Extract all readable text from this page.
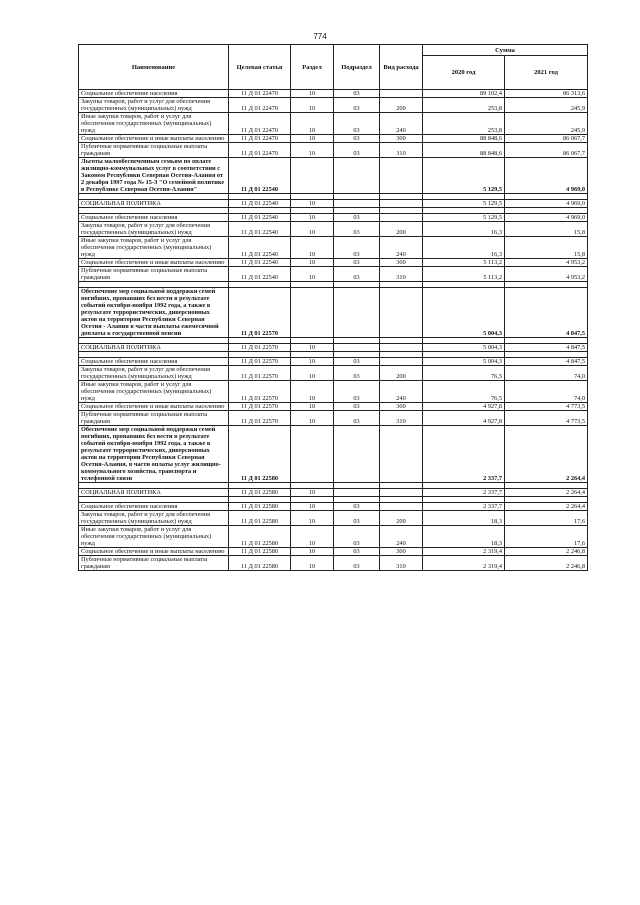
774
Наименование	Целевая статья	Раздел	Подраздел	Вид расхода	Сумма	
					2020 год	2021 год
Социальное обеспечение населения	11 Д 01 22470	10	03		89 102,4	86 313,6
Закупка товаров, работ и услуг для обеспечения государственных (муниципальных) нужд	11 Д 01 22470	10	03	200	253,8	245,9
Иные закупки товаров, работ и услуг для обеспечения государственных (муниципальных) нужд	11 Д 01 22470	10	03	240	253,8	245,9
Социальное обеспечение и иные выплаты населению	11 Д 01 22470	10	03	300	88 848,6	86 067,7
Публичные нормативные социальные выплаты гражданам	11 Д 01 22470	10	03	310	88 848,6	86 067,7
Льготы малообеспеченным семьям по оплате жилищно-коммунальных услуг в соответствии с Законом Республики Северная Осетия-Алания от 2 декабря 1997 года № 15-З "О семейной политике в Республике Северная Осетия-Алания"	11 Д 01 22540				5 129,5	4 969,0

СОЦИАЛЬНАЯ ПОЛИТИКА	11 Д 01 22540	10			5 129,5	4 969,0

Социальное обеспечение населения	11 Д 01 22540	10	03		5 129,5	4 969,0
Закупка товаров, работ и услуг для обеспечения государственных (муниципальных) нужд	11 Д 01 22540	10	03	200	16,3	15,8
Иные закупки товаров, работ и услуг для обеспечения государственных (муниципальных) нужд	11 Д 01 22540	10	03	240	16,3	15,8
Социальное обеспечение и иные выплаты населению	11 Д 01 22540	10	03	300	5 113,2	4 953,2
Публичные нормативные социальные выплаты гражданам	11 Д 01 22540	10	03	310	5 113,2	4 953,2

Обеспечение мер социальной поддержки семей погибших, пропавших без вести в результате событий октября-ноября 1992 года, а также в результате террористических, диверсионных актов на территории Республики Северная Осетия - Алания в части выплаты ежемесячной доплаты к государственной пенсии	11 Д 01 22570				5 004,3	4 847,5

СОЦИАЛЬНАЯ ПОЛИТИКА	11 Д 01 22570	10			5 004,3	4 847,5

Социальное обеспечение населения	11 Д 01 22570	10	03		5 004,3	4 847,5
Закупка товаров, работ и услуг для обеспечения государственных (муниципальных) нужд	11 Д 01 22570	10	03	200	76,5	74,0
Иные закупки товаров, работ и услуг для обеспечения государственных (муниципальных) нужд	11 Д 01 22570	10	03	240	76,5	74,0
Социальное обеспечение и иные выплаты населению	11 Д 01 22570	10	03	300	4 927,8	4 773,5
Публичные нормативные социальные выплаты гражданам	11 Д 01 22570	10	03	310	4 927,8	4 773,5
Обеспечение мер социальной поддержки семей погибших, пропавших без вести в результате событий октября-ноября 1992 года, а также в результате террористических, диверсионных актов на территории Республики Северная Осетия-Алания, в части оплаты услуг жилищно-коммунального хозяйства, транспорта и телефонной связи	11 Д 01 22580				2 337,7	2 264,4

СОЦИАЛЬНАЯ ПОЛИТИКА	11 Д 01 22580	10			2 337,7	2 264,4

Социальное обеспечение населения	11 Д 01 22580	10	03		2 337,7	2 264,4
Закупка товаров, работ и услуг для обеспечения государственных (муниципальных) нужд	11 Д 01 22580	10	03	200	18,3	17,6
Иные закупки товаров, работ и услуг для обеспечения государственных (муниципальных) нужд	11 Д 01 22580	10	03	240	18,3	17,6
Социальное обеспечение и иные выплаты населению	11 Д 01 22580	10	03	300	2 319,4	2 246,8
Публичные нормативные социальные выплаты гражданам	11 Д 01 22580	10	03	310	2 319,4	2 246,8
